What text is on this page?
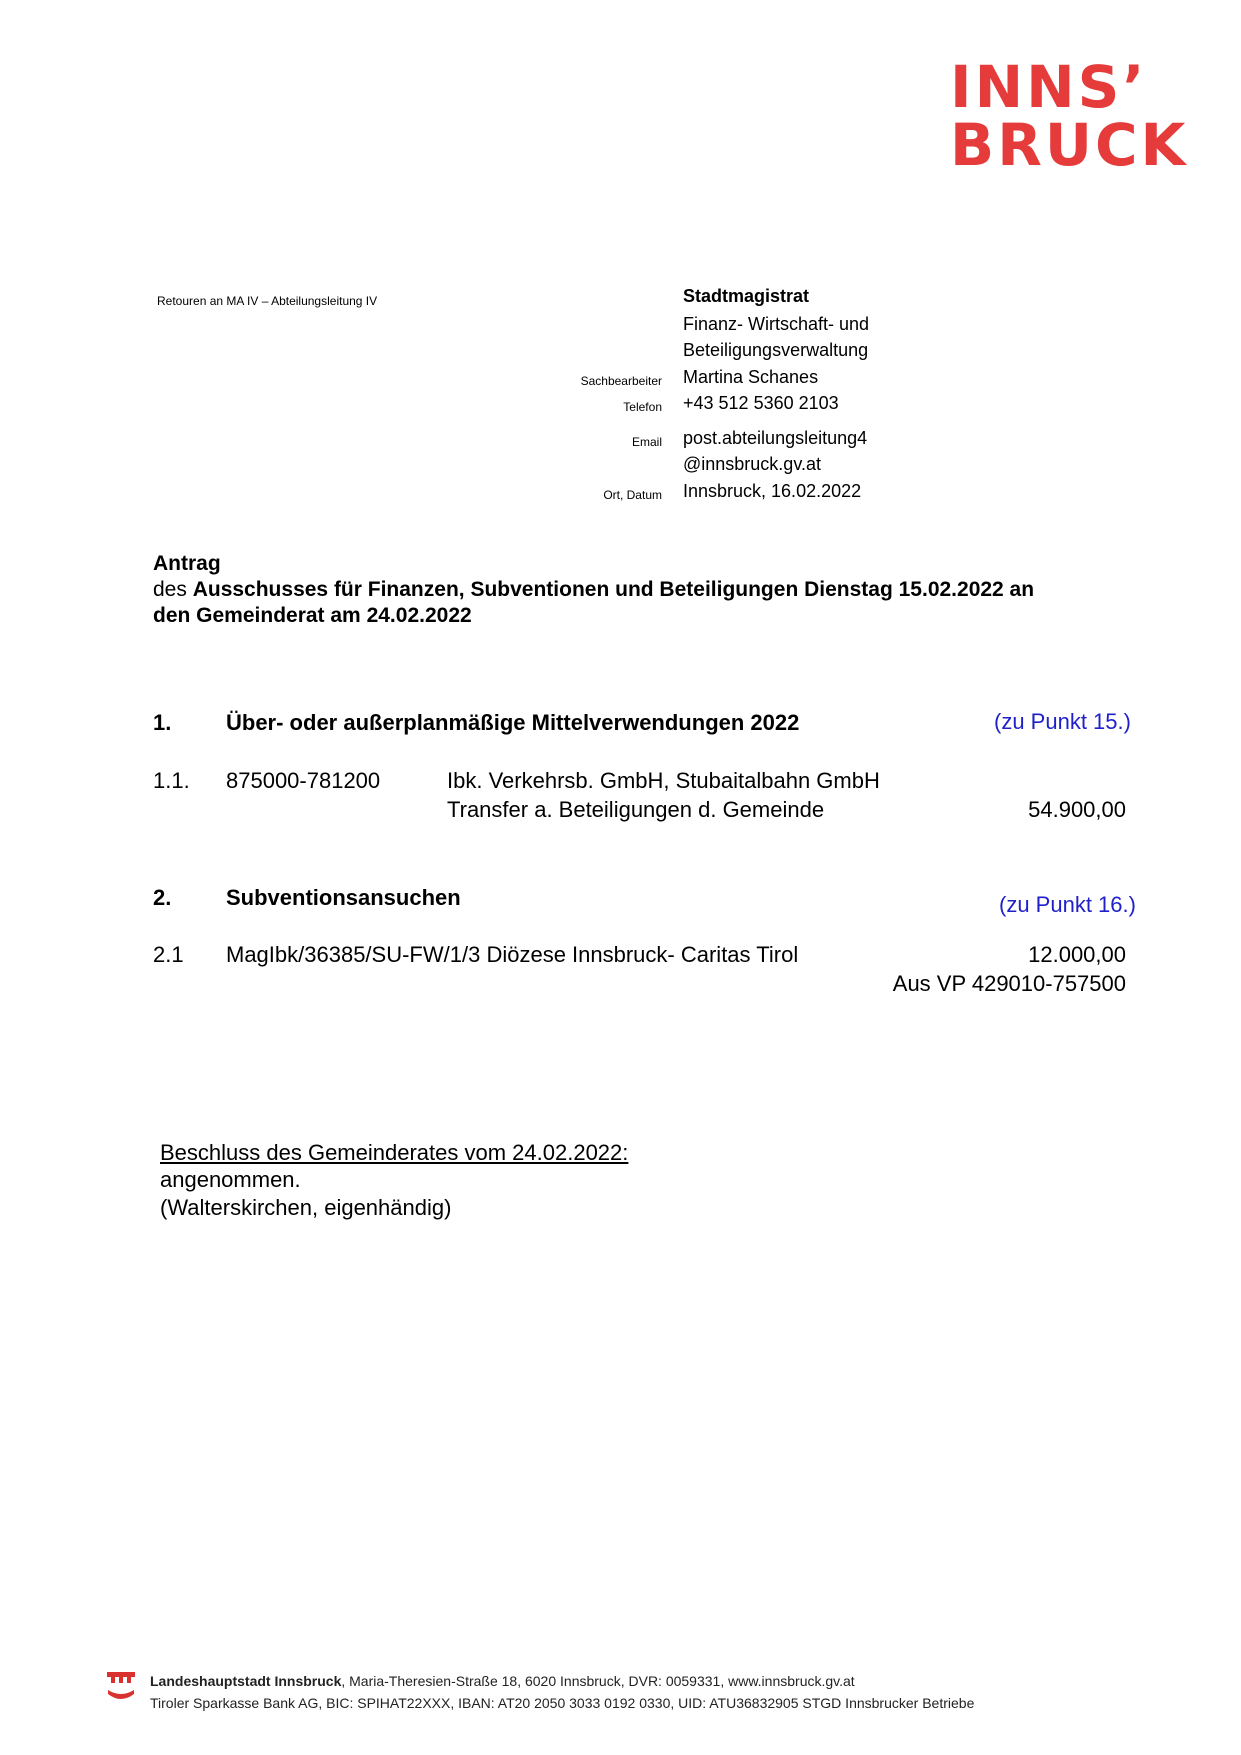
INNS’
BRUCK
Retouren an MA IV – Abteilungsleitung IV	Stadtmagistrat
Finanz- Wirtschaft- und
Beteiligungsverwaltung
Sachbearbeiter Martina Schanes
Telefon +43 512 5360 2103
Email post.abteilungsleitung4
@innsbruck.gv.at
Ort, Datum Innsbruck, 16.02.2022
Antrag
des Ausschusses für Finanzen, Subventionen und Beteiligungen Dienstag 15.02.2022 an
den Gemeinderat am 24.02.2022
1. Über- oder außerplanmäßige Mittelverwendungen 2022	(zu Punkt 15.)
1.1. 875000-781200	Ibk. Verkehrsb. GmbH, Stubaitalbahn GmbH
Transfer a. Beteiligungen d. Gemeinde	54.900,00
2. Subventionsansuchen	(zu Punkt 16.)
2.1 MagIbk/36385/SU-FW/1/3 Diözese Innsbruck- Caritas Tirol	12.000,00
Aus VP 429010-757500
Beschluss des Gemeinderates vom 24.02.2022:
angenommen.
(Walterskirchen, eigenhändig)
Landeshauptstadt Innsbruck, Maria-Theresien-Straße 18, 6020 Innsbruck, DVR: 0059331, www.innsbruck.gv.at
Tiroler Sparkasse Bank AG, BIC: SPIHAT22XXX, IBAN: AT20 2050 3033 0192 0330, UID: ATU36832905 STGD Innsbrucker Betriebe
